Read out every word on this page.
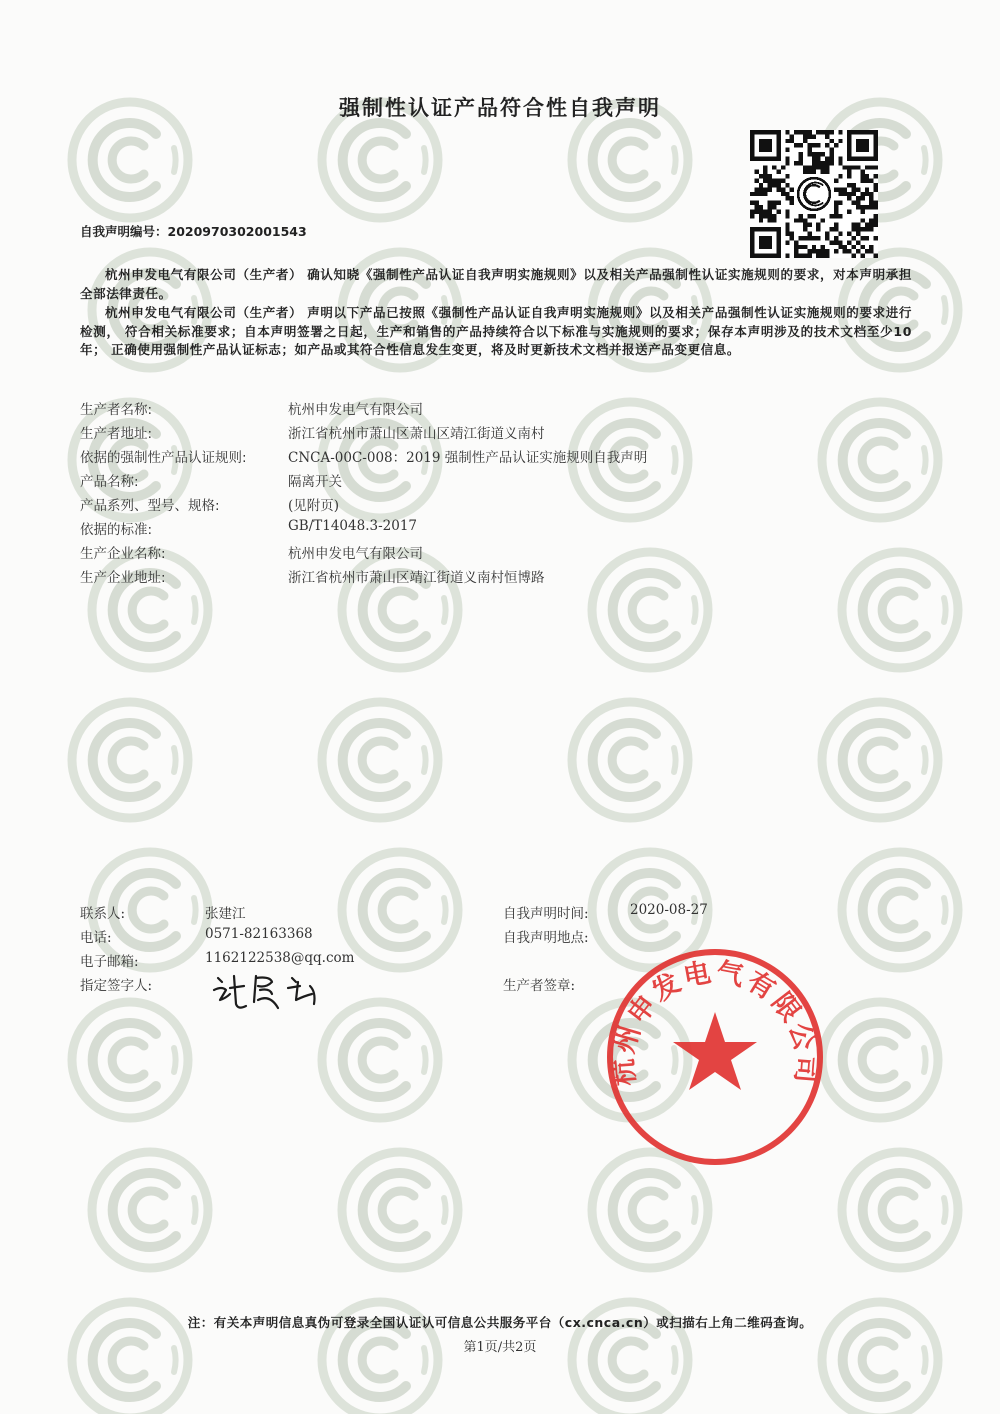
强制性认证产品符合性自我声明
自我声明编号：2020970302001543
杭州申发电气有限公司（生产者） 确认知晓《强制性产品认证自我声明实施规则》以及相关产品强制性认证实施规则的要求，对本声明承担全部法律责任。
杭州申发电气有限公司（生产者） 声明以下产品已按照《强制性产品认证自我声明实施规则》以及相关产品强制性认证实施规则的要求进行检测， 符合相关标准要求；自本声明签署之日起，生产和销售的产品持续符合以下标准与实施规则的要求；保存本声明涉及的技术文档至少10年； 正确使用强制性产品认证标志；如产品或其符合性信息发生变更，将及时更新技术文档并报送产品变更信息。
生产者名称:	杭州申发电气有限公司
生产者地址:	浙江省杭州市萧山区萧山区靖江街道义南村
依据的强制性产品认证规则:	CNCA-00C-008：2019 强制性产品认证实施规则自我声明
产品名称:	隔离开关
产品系列、型号、规格:	(见附页)
依据的标准:	GB/T14048.3-2017
生产企业名称:	杭州申发电气有限公司
生产企业地址:	浙江省杭州市萧山区靖江街道义南村恒博路
联系人:	张建江
电话:	0571-82163368
电子邮箱:	1162122538@qq.com
指定签字人:
自我声明时间:	2020-08-27
自我声明地点:
生产者签章:
杭州申发电气有限公司
注：有关本声明信息真伪可登录全国认证认可信息公共服务平台（cx.cnca.cn）或扫描右上角二维码查询。
第1页/共2页
